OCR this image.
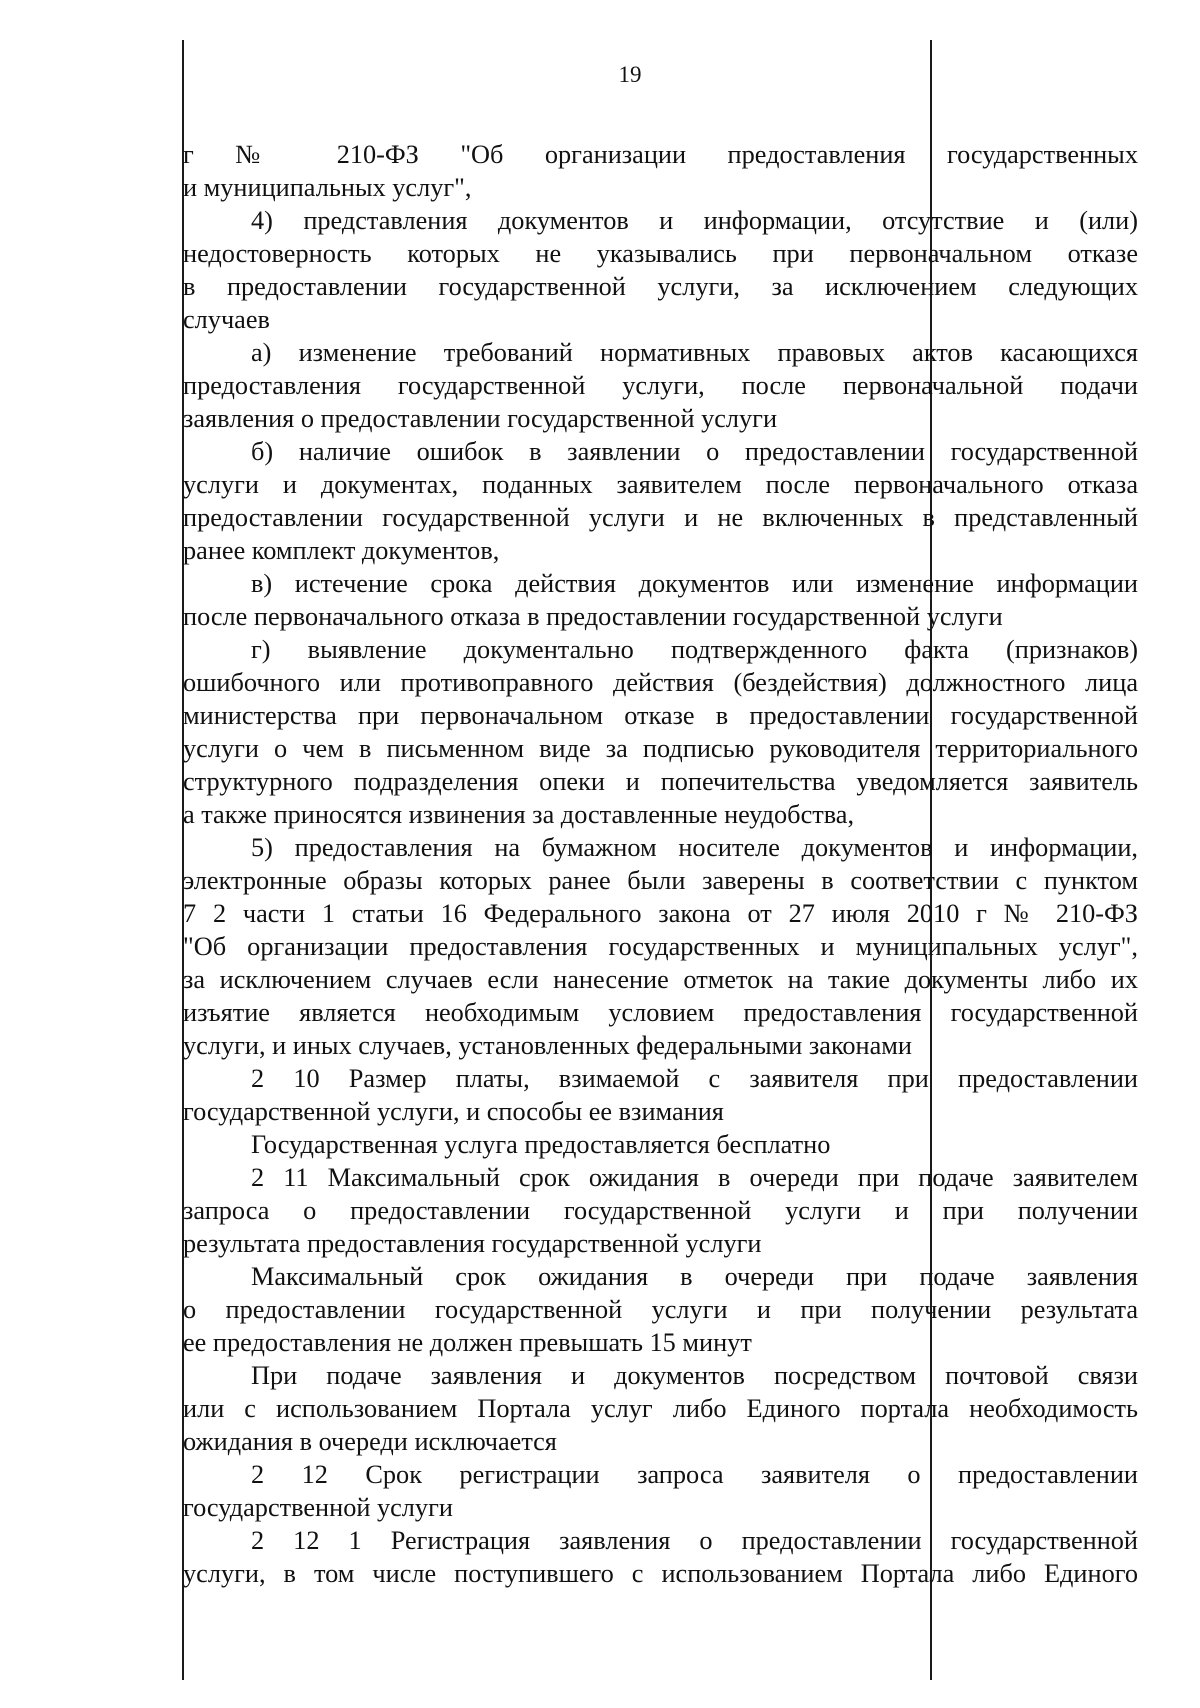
19
г № 210-ФЗ "Об организации предоставления государственных
и муниципальных услуг",
4) представления документов и информации, отсутствие и (или)
недостоверность которых не указывались при первоначальном отказе
в предоставлении государственной услуги, за исключением следующих
случаев
а) изменение требований нормативных правовых актов касающихся
предоставления государственной услуги, после первоначальной подачи
заявления о предоставлении государственной услуги
б) наличие ошибок в заявлении о предоставлении государственной
услуги и документах, поданных заявителем после первоначального отказа
предоставлении государственной услуги и не включенных в представленный
ранее комплект документов,
в) истечение срока действия документов или изменение информации
после первоначального отказа в предоставлении государственной услуги
г) выявление документально подтвержденного факта (признаков)
ошибочного или противоправного действия (бездействия) должностного лица
министерства при первоначальном отказе в предоставлении государственной
услуги о чем в письменном виде за подписью руководителя территориального
структурного подразделения опеки и попечительства уведомляется заявитель
а также приносятся извинения за доставленные неудобства,
5) предоставления на бумажном носителе документов и информации,
электронные образы которых ранее были заверены в соответствии с пунктом
7 2 части 1 статьи 16 Федерального закона от 27 июля 2010 г № 210-ФЗ
"Об организации предоставления государственных и муниципальных услуг",
за исключением случаев если нанесение отметок на такие документы либо их
изъятие является необходимым условием предоставления государственной
услуги, и иных случаев, установленных федеральными законами
2 10 Размер платы, взимаемой с заявителя при предоставлении
государственной услуги, и способы ее взимания
Государственная услуга предоставляется бесплатно
2 11 Максимальный срок ожидания в очереди при подаче заявителем
запроса о предоставлении государственной услуги и при получении
результата предоставления государственной услуги
Максимальный срок ожидания в очереди при подаче заявления
о предоставлении государственной услуги и при получении результата
ее предоставления не должен превышать 15 минут
При подаче заявления и документов посредством почтовой связи
или с использованием Портала услуг либо Единого портала необходимость
ожидания в очереди исключается
2 12 Срок регистрации запроса заявителя о предоставлении
государственной услуги
2 12 1 Регистрация заявления о предоставлении государственной
услуги, в том числе поступившего с использованием Портала либо Единого
